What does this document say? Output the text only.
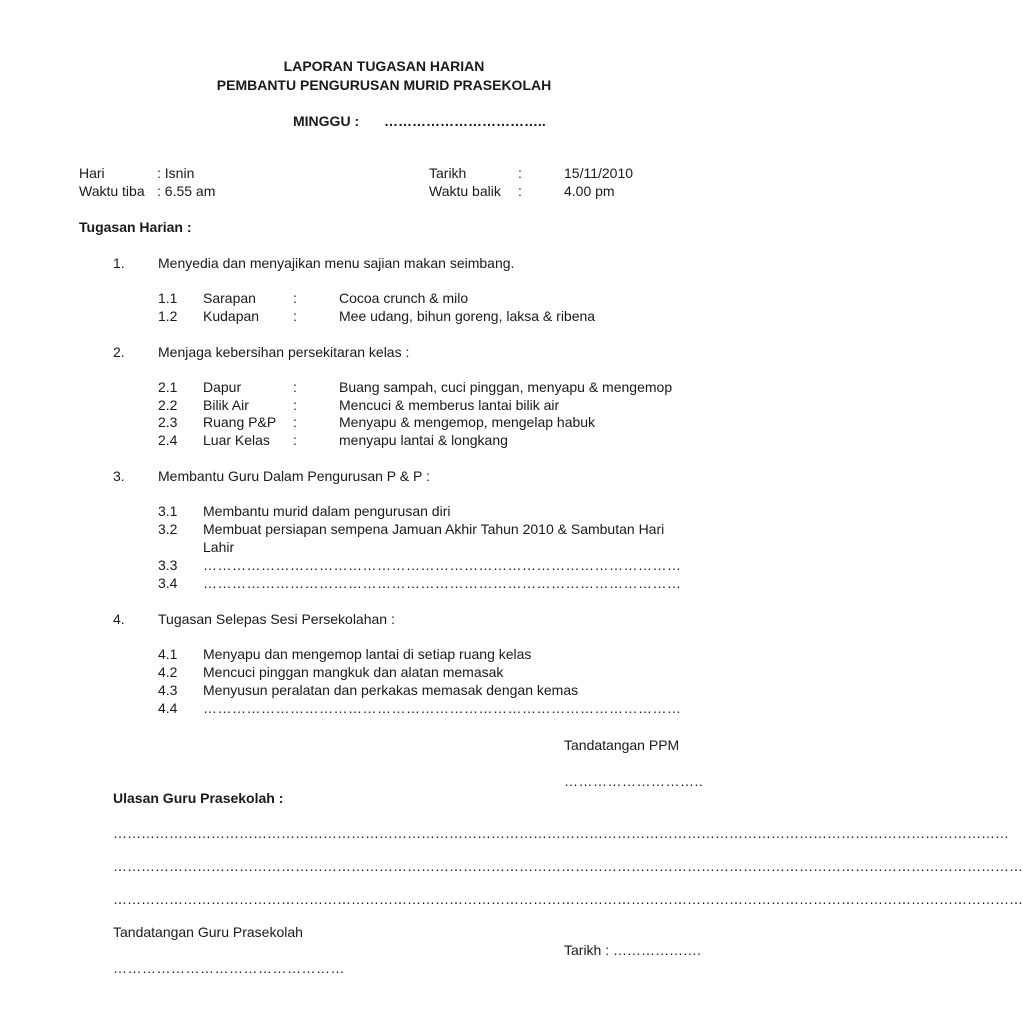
LAPORAN TUGASAN HARIAN
PEMBANTU PENGURUSAN MURID PRASEKOLAH
MINGGU : ……………………………..
Hari	: Isnin
Waktu tiba : 6.55 am
Tarikh	:	15/11/2010
Waktu balik :	4.00 pm
Tugasan Harian :
1. Menyedia dan menyajikan menu sajian makan seimbang.
1.1 Sarapan	:	Cocoa crunch & milo
1.2 Kudapan :	Mee udang, bihun goreng, laksa & ribena
2. Menjaga kebersihan persekitaran kelas :
2.1 Dapur	:	Buang sampah, cuci pinggan, menyapu & mengemop
2.2 Bilik Air	:	Mencuci & memberus lantai bilik air
2.3 Ruang P&P :	Menyapu & mengemop, mengelap habuk
2.4 Luar Kelas :	menyapu lantai & longkang
3. Membantu Guru Dalam Pengurusan P & P :
3.1 Membantu murid dalam pengurusan diri
3.2 Membuat persiapan sempena Jamuan Akhir Tahun 2010 & Sambutan Hari
Lahir
3.3 ………………………………………………………………………………………
3.4 ………………………………………………………………………………………
4. Tugasan Selepas Sesi Persekolahan :
4.1 Menyapu dan mengemop lantai di setiap ruang kelas
4.2 Mencuci pinggan mangkuk dan alatan memasak
4.3 Menyusun peralatan dan perkakas memasak dengan kemas
4.4 ………………………………………………………………………………………
Tandatangan PPM
………………………..
Ulasan Guru Prasekolah :
…………………………………………………………………………………………………………………………………………………………………………
……………………………………………………………………………………………………………………………………………………………………………
……………………………………………………………………………………………………………………………………………………………………………
Tandatangan Guru Prasekolah
Tarikh : ……………….
…………………………………………
